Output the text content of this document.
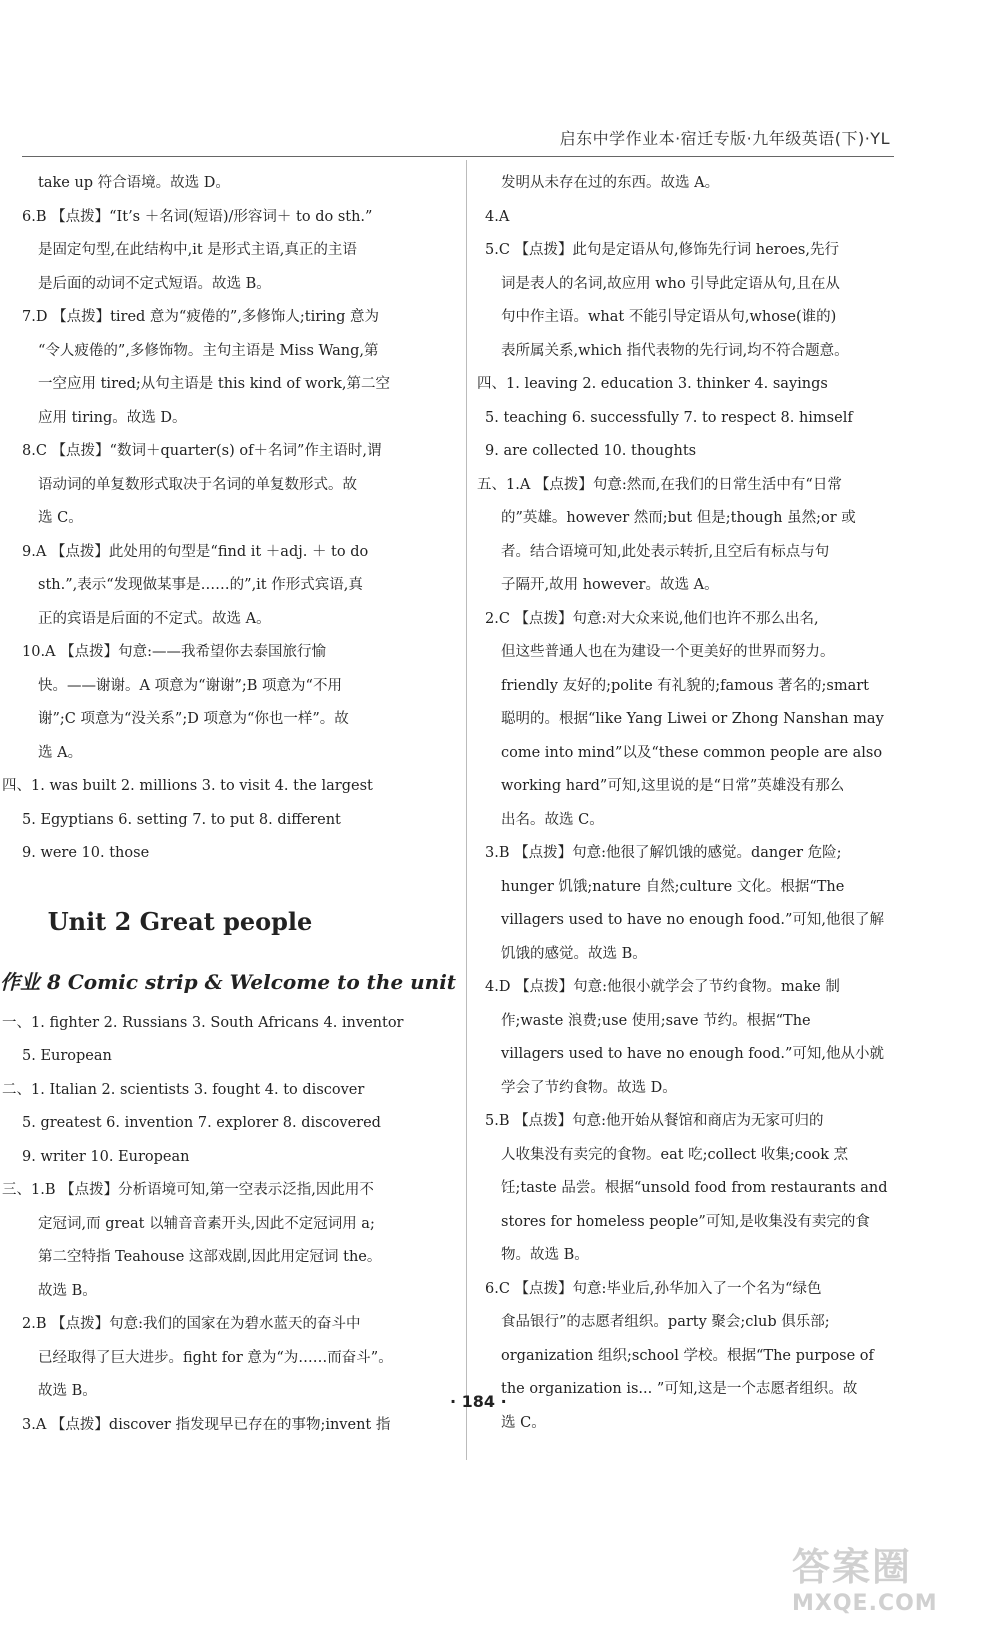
启东中学作业本·宿迁专版·九年级英语(下)·YL
take up 符合语境。故选 D。
6.B 【点拨】“It’s ＋名词(短语)/形容词＋ to do sth.”
是固定句型,在此结构中,it 是形式主语,真正的主语
是后面的动词不定式短语。故选 B。
7.D 【点拨】tired 意为“疲倦的”,多修饰人;tiring 意为
“令人疲倦的”,多修饰物。主句主语是 Miss Wang,第
一空应用 tired;从句主语是 this kind of work,第二空
应用 tiring。故选 D。
8.C 【点拨】“数词＋quarter(s) of＋名词”作主语时,谓
语动词的单复数形式取决于名词的单复数形式。故
选 C。
9.A 【点拨】此处用的句型是“find it ＋adj. ＋ to do
sth.”,表示“发现做某事是……的”,it 作形式宾语,真
正的宾语是后面的不定式。故选 A。
10.A 【点拨】句意:——我希望你去泰国旅行愉
快。——谢谢。A 项意为“谢谢”;B 项意为“不用
谢”;C 项意为“没关系”;D 项意为“你也一样”。故
选 A。
四、1. was built 2. millions 3. to visit 4. the largest
5. Egyptians 6. setting 7. to put 8. different
9. were 10. those
Unit 2 Great people
作业 8 Comic strip & Welcome to the unit
一、1. fighter 2. Russians 3. South Africans 4. inventor
5. European
二、1. Italian 2. scientists 3. fought 4. to discover
5. greatest 6. invention 7. explorer 8. discovered
9. writer 10. European
三、1.B 【点拨】分析语境可知,第一空表示泛指,因此用不
定冠词,而 great 以辅音音素开头,因此不定冠词用 a;
第二空特指 Teahouse 这部戏剧,因此用定冠词 the。
故选 B。
2.B 【点拨】句意:我们的国家在为碧水蓝天的奋斗中
已经取得了巨大进步。fight for 意为“为……而奋斗”。
故选 B。
3.A 【点拨】discover 指发现早已存在的事物;invent 指
发明从未存在过的东西。故选 A。
4.A
5.C 【点拨】此句是定语从句,修饰先行词 heroes,先行
词是表人的名词,故应用 who 引导此定语从句,且在从
句中作主语。what 不能引导定语从句,whose(谁的)
表所属关系,which 指代表物的先行词,均不符合题意。
四、1. leaving 2. education 3. thinker 4. sayings
5. teaching 6. successfully 7. to respect 8. himself
9. are collected 10. thoughts
五、1.A 【点拨】句意:然而,在我们的日常生活中有“日常
的”英雄。however 然而;but 但是;though 虽然;or 或
者。结合语境可知,此处表示转折,且空后有标点与句
子隔开,故用 however。故选 A。
2.C 【点拨】句意:对大众来说,他们也许不那么出名,
但这些普通人也在为建设一个更美好的世界而努力。
friendly 友好的;polite 有礼貌的;famous 著名的;smart
聪明的。根据“like Yang Liwei or Zhong Nanshan may
come into mind”以及“these common people are also
working hard”可知,这里说的是“日常”英雄没有那么
出名。故选 C。
3.B 【点拨】句意:他很了解饥饿的感觉。danger 危险;
hunger 饥饿;nature 自然;culture 文化。根据“The
villagers used to have no enough food.”可知,他很了解
饥饿的感觉。故选 B。
4.D 【点拨】句意:他很小就学会了节约食物。make 制
作;waste 浪费;use 使用;save 节约。根据“The
villagers used to have no enough food.”可知,他从小就
学会了节约食物。故选 D。
5.B 【点拨】句意:他开始从餐馆和商店为无家可归的
人收集没有卖完的食物。eat 吃;collect 收集;cook 烹
饪;taste 品尝。根据“unsold food from restaurants and
stores for homeless people”可知,是收集没有卖完的食
物。故选 B。
6.C 【点拨】句意:毕业后,孙华加入了一个名为“绿色
食品银行”的志愿者组织。party 聚会;club 俱乐部;
organization 组织;school 学校。根据“The purpose of
the organization is... ”可知,这是一个志愿者组织。故
选 C。
· 184 ·
答案圈
MXQE.COM
